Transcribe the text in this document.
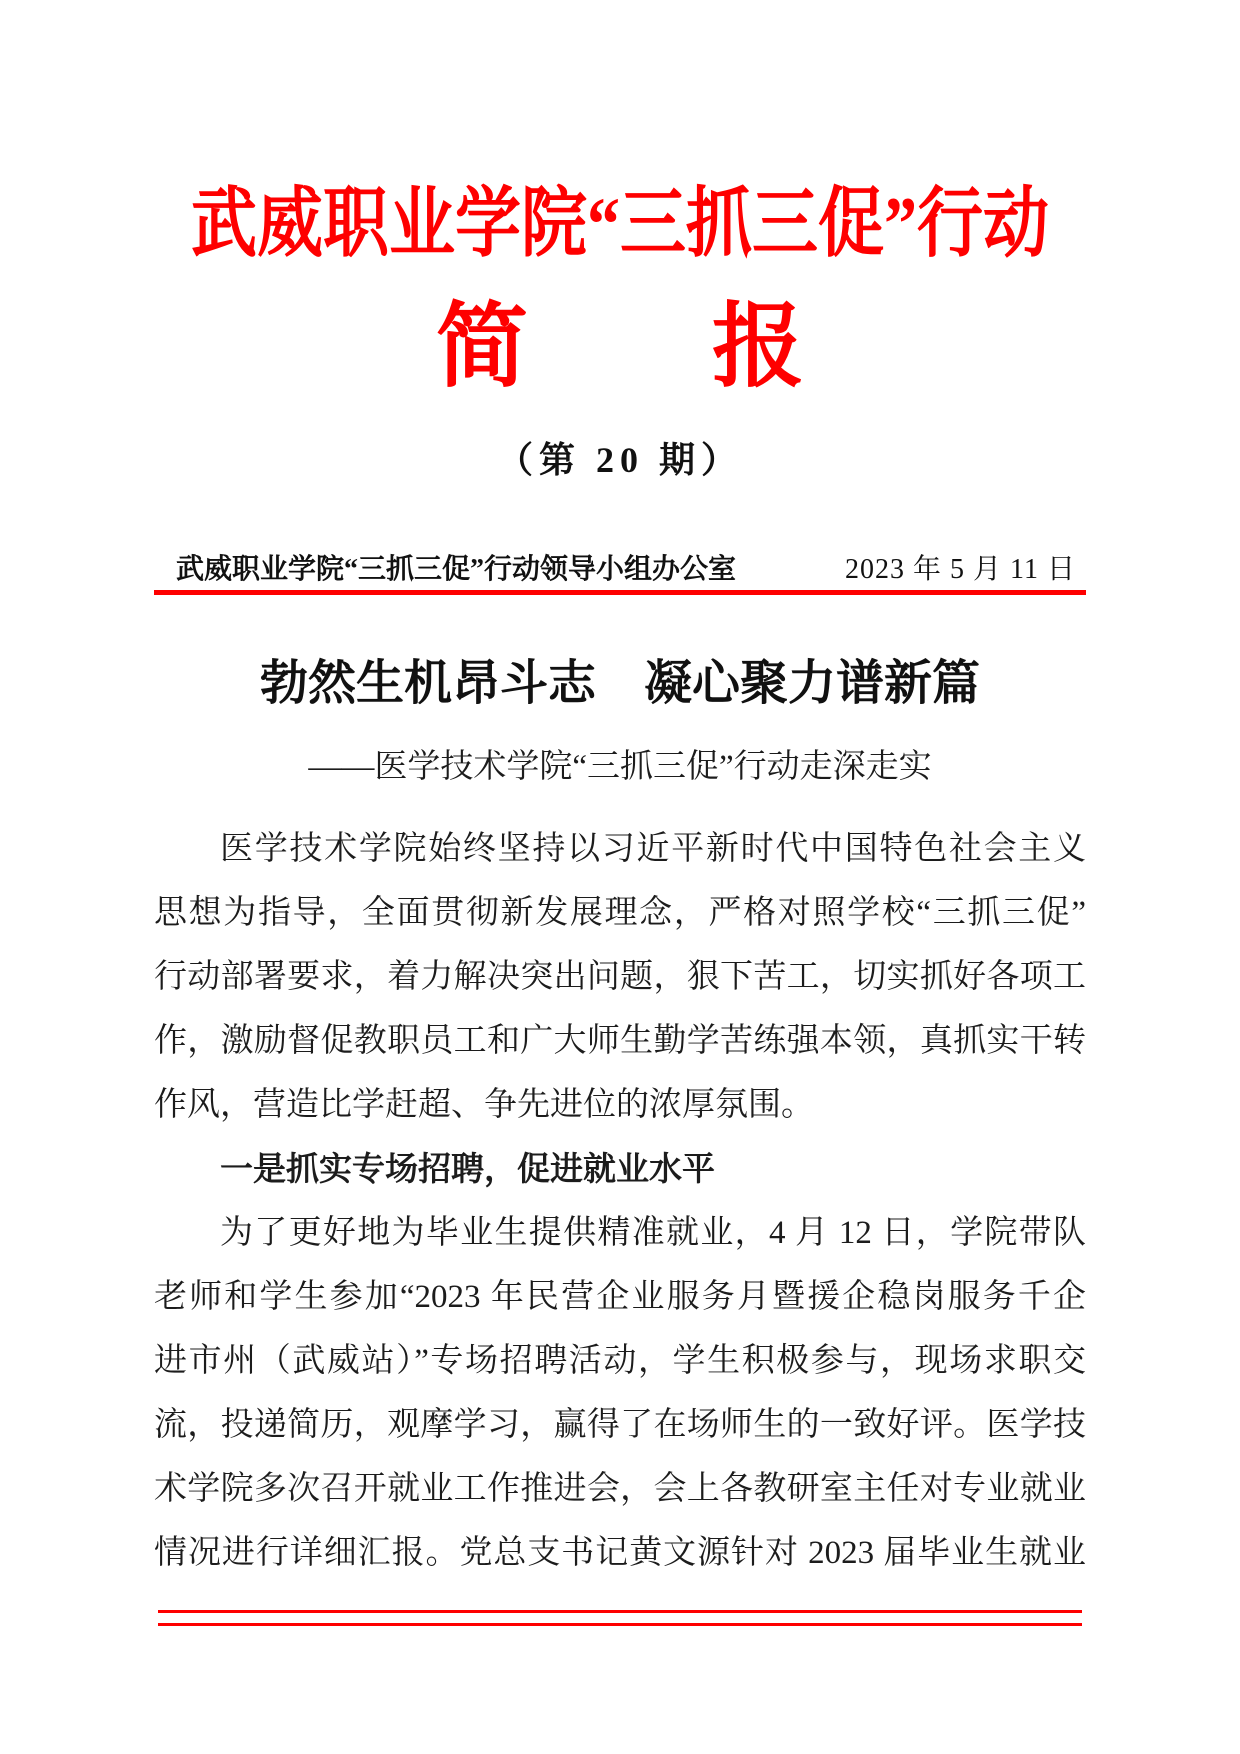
武威职业学院“三抓三促”行动
简　　报
（第 20 期）
武威职业学院“三抓三促”行动领导小组办公室	2023 年 5 月 11 日
勃然生机昂斗志　凝心聚力谱新篇
——医学技术学院“三抓三促”行动走深走实
医学技术学院始终坚持以习近平新时代中国特色社会主义
思想为指导，全面贯彻新发展理念，严格对照学校“三抓三促”
行动部署要求，着力解决突出问题，狠下苦工，切实抓好各项工
作，激励督促教职员工和广大师生勤学苦练强本领，真抓实干转
作风，营造比学赶超、争先进位的浓厚氛围。
一是抓实专场招聘，促进就业水平
为了更好地为毕业生提供精准就业，4 月 12 日，学院带队
老师和学生参加“2023 年民营企业服务月暨援企稳岗服务千企
进市州（武威站）”专场招聘活动，学生积极参与，现场求职交
流，投递简历，观摩学习，赢得了在场师生的一致好评。医学技
术学院多次召开就业工作推进会，会上各教研室主任对专业就业
情况进行详细汇报。党总支书记黄文源针对 2023 届毕业生就业
